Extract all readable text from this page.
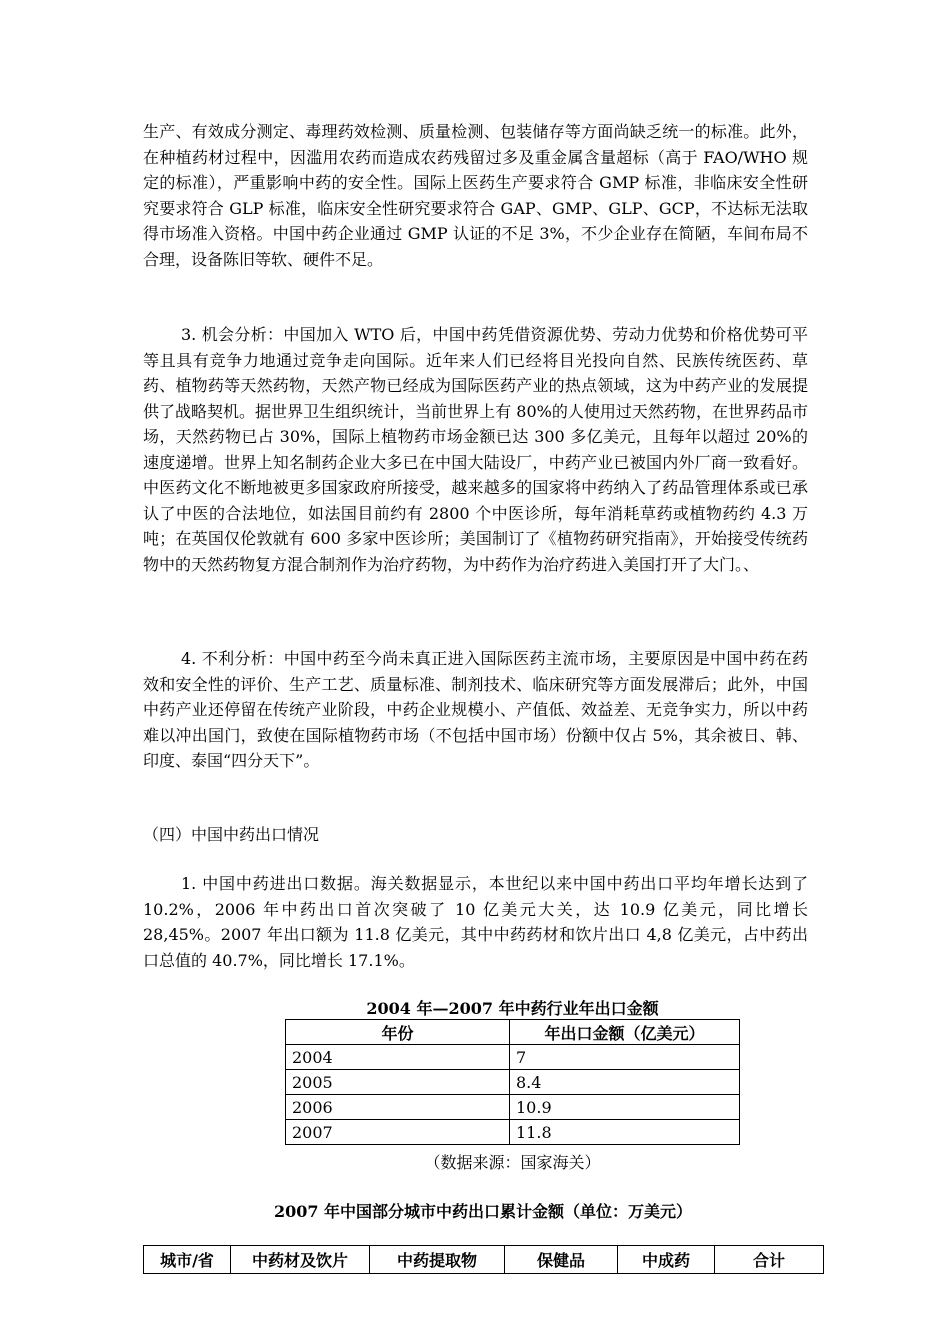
生产、有效成分测定、毒理药效检测、质量检测、包装储存等方面尚缺乏统一的标准。此外，在种植药材过程中，因滥用农药而造成农药残留过多及重金属含量超标（高于 FAO/WHO 规定的标准），严重影响中药的安全性。国际上医药生产要求符合 GMP 标准，非临床安全性研究要求符合 GLP 标准，临床安全性研究要求符合 GAP、GMP、GLP、GCP，不达标无法取得市场准入资格。中国中药企业通过 GMP 认证的不足 3%，不少企业存在简陋，车间布局不合理，设备陈旧等软、硬件不足。

3. 机会分析：中国加入 WTO 后，中国中药凭借资源优势、劳动力优势和价格优势可平等且具有竞争力地通过竞争走向国际。近年来人们已经将目光投向自然、民族传统医药、草药、植物药等天然药物，天然产物已经成为国际医药产业的热点领域，这为中药产业的发展提供了战略契机。据世界卫生组织统计，当前世界上有 80%的人使用过天然药物，在世界药品市场，天然药物已占 30%，国际上植物药市场金额已达 300 多亿美元，且每年以超过 20%的速度递增。世界上知名制药企业大多已在中国大陆设厂，中药产业已被国内外厂商一致看好。中医药文化不断地被更多国家政府所接受，越来越多的国家将中药纳入了药品管理体系或已承认了中医的合法地位，如法国目前约有 2800 个中医诊所，每年消耗草药或植物药约 4.3 万吨；在英国仅伦敦就有 600 多家中医诊所；美国制订了《植物药研究指南》，开始接受传统药物中的天然药物复方混合制剂作为治疗药物，为中药作为治疗药进入美国打开了大门。、

4. 不利分析：中国中药至今尚未真正进入国际医药主流市场，主要原因是中国中药在药效和安全性的评价、生产工艺、质量标准、制剂技术、临床研究等方面发展滞后；此外，中国中药产业还停留在传统产业阶段，中药企业规模小、产值低、效益差、无竞争实力，所以中药难以冲出国门，致使在国际植物药市场（不包括中国市场）份额中仅占 5%，其余被日、韩、印度、泰国“四分天下”。

（四）中国中药出口情况

1. 中国中药进出口数据。海关数据显示，本世纪以来中国中药出口平均年增长达到了 10.2%，2006 年中药出口首次突破了 10 亿美元大关，达 10.9 亿美元，同比增长 28,45%。2007 年出口额为 11.8 亿美元，其中中药药材和饮片出口 4,8 亿美元，占中药出口总值的 40.7%，同比增长 17.1%。

2004 年—2007 年中药行业年出口金额
年份	年出口金额（亿美元）
2004	7
2005	8.4
2006	10.9
2007	11.8
（数据来源：国家海关）
2007 年中国部分城市中药出口累计金额（单位：万美元）
城市/省	中药材及饮片	中药提取物	保健品	中成药	合计
